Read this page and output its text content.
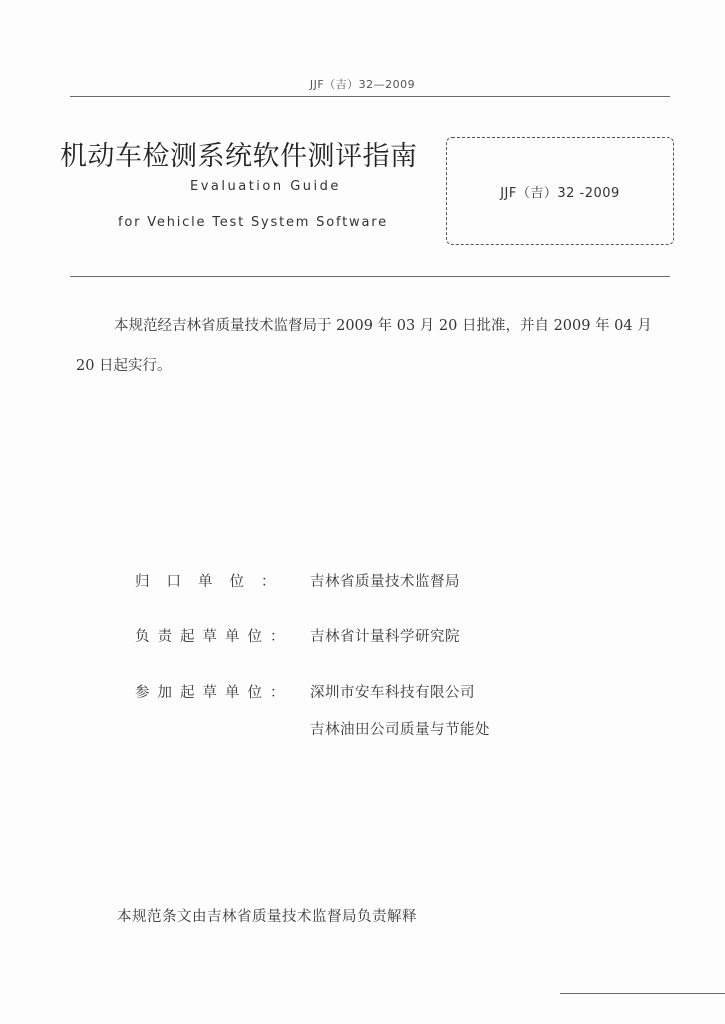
JJF（吉）32—2009
机动车检测系统软件测评指南
Evaluation Guide
for Vehicle Test System Software
JJF（吉）32 -2009
本规范经吉林省质量技术监督局于 2009 年 03 月 20 日批准，并自 2009 年 04 月 20 日起实行。
归口单位： 吉林省质量技术监督局
负责起草单位： 吉林省计量科学研究院
参加起草单位： 深圳市安车科技有限公司
吉林油田公司质量与节能处
本规范条文由吉林省质量技术监督局负责解释
